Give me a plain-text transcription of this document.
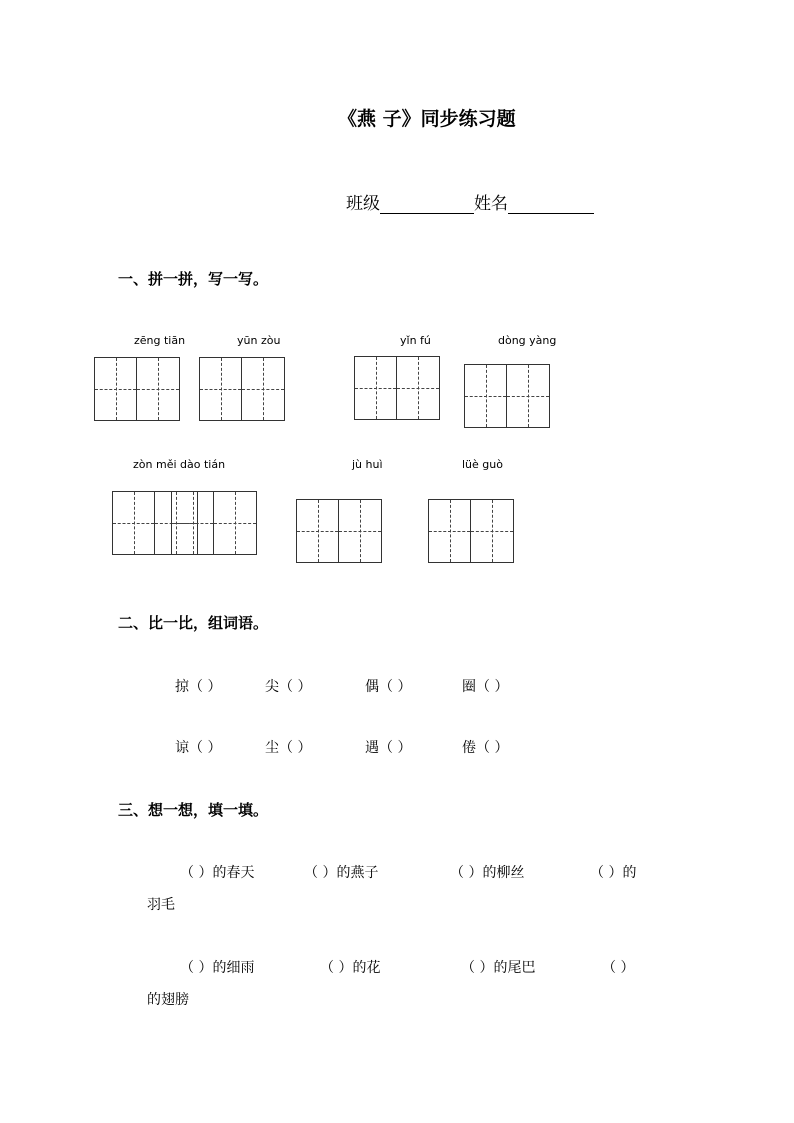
《燕 子》同步练习题
班级	姓名
一、拼一拼，写一写。
zēng tiān	yūn zòu	yǐn fú	dòng yàng
zòn měi dào tián	jù huì	lüè guò
二、比一比，组词语。
掠（ ）	尖（ ）	偶（ ）	圈（ ）
谅（ ）	尘（ ）	遇（ ）	倦（ ）
三、想一想，填一填。
（ ）的春天	（ ）的燕子	（ ）的柳丝	（ ）的
羽毛
（ ）的细雨	（ ）的花	（ ）的尾巴	（ ）
的翅膀
